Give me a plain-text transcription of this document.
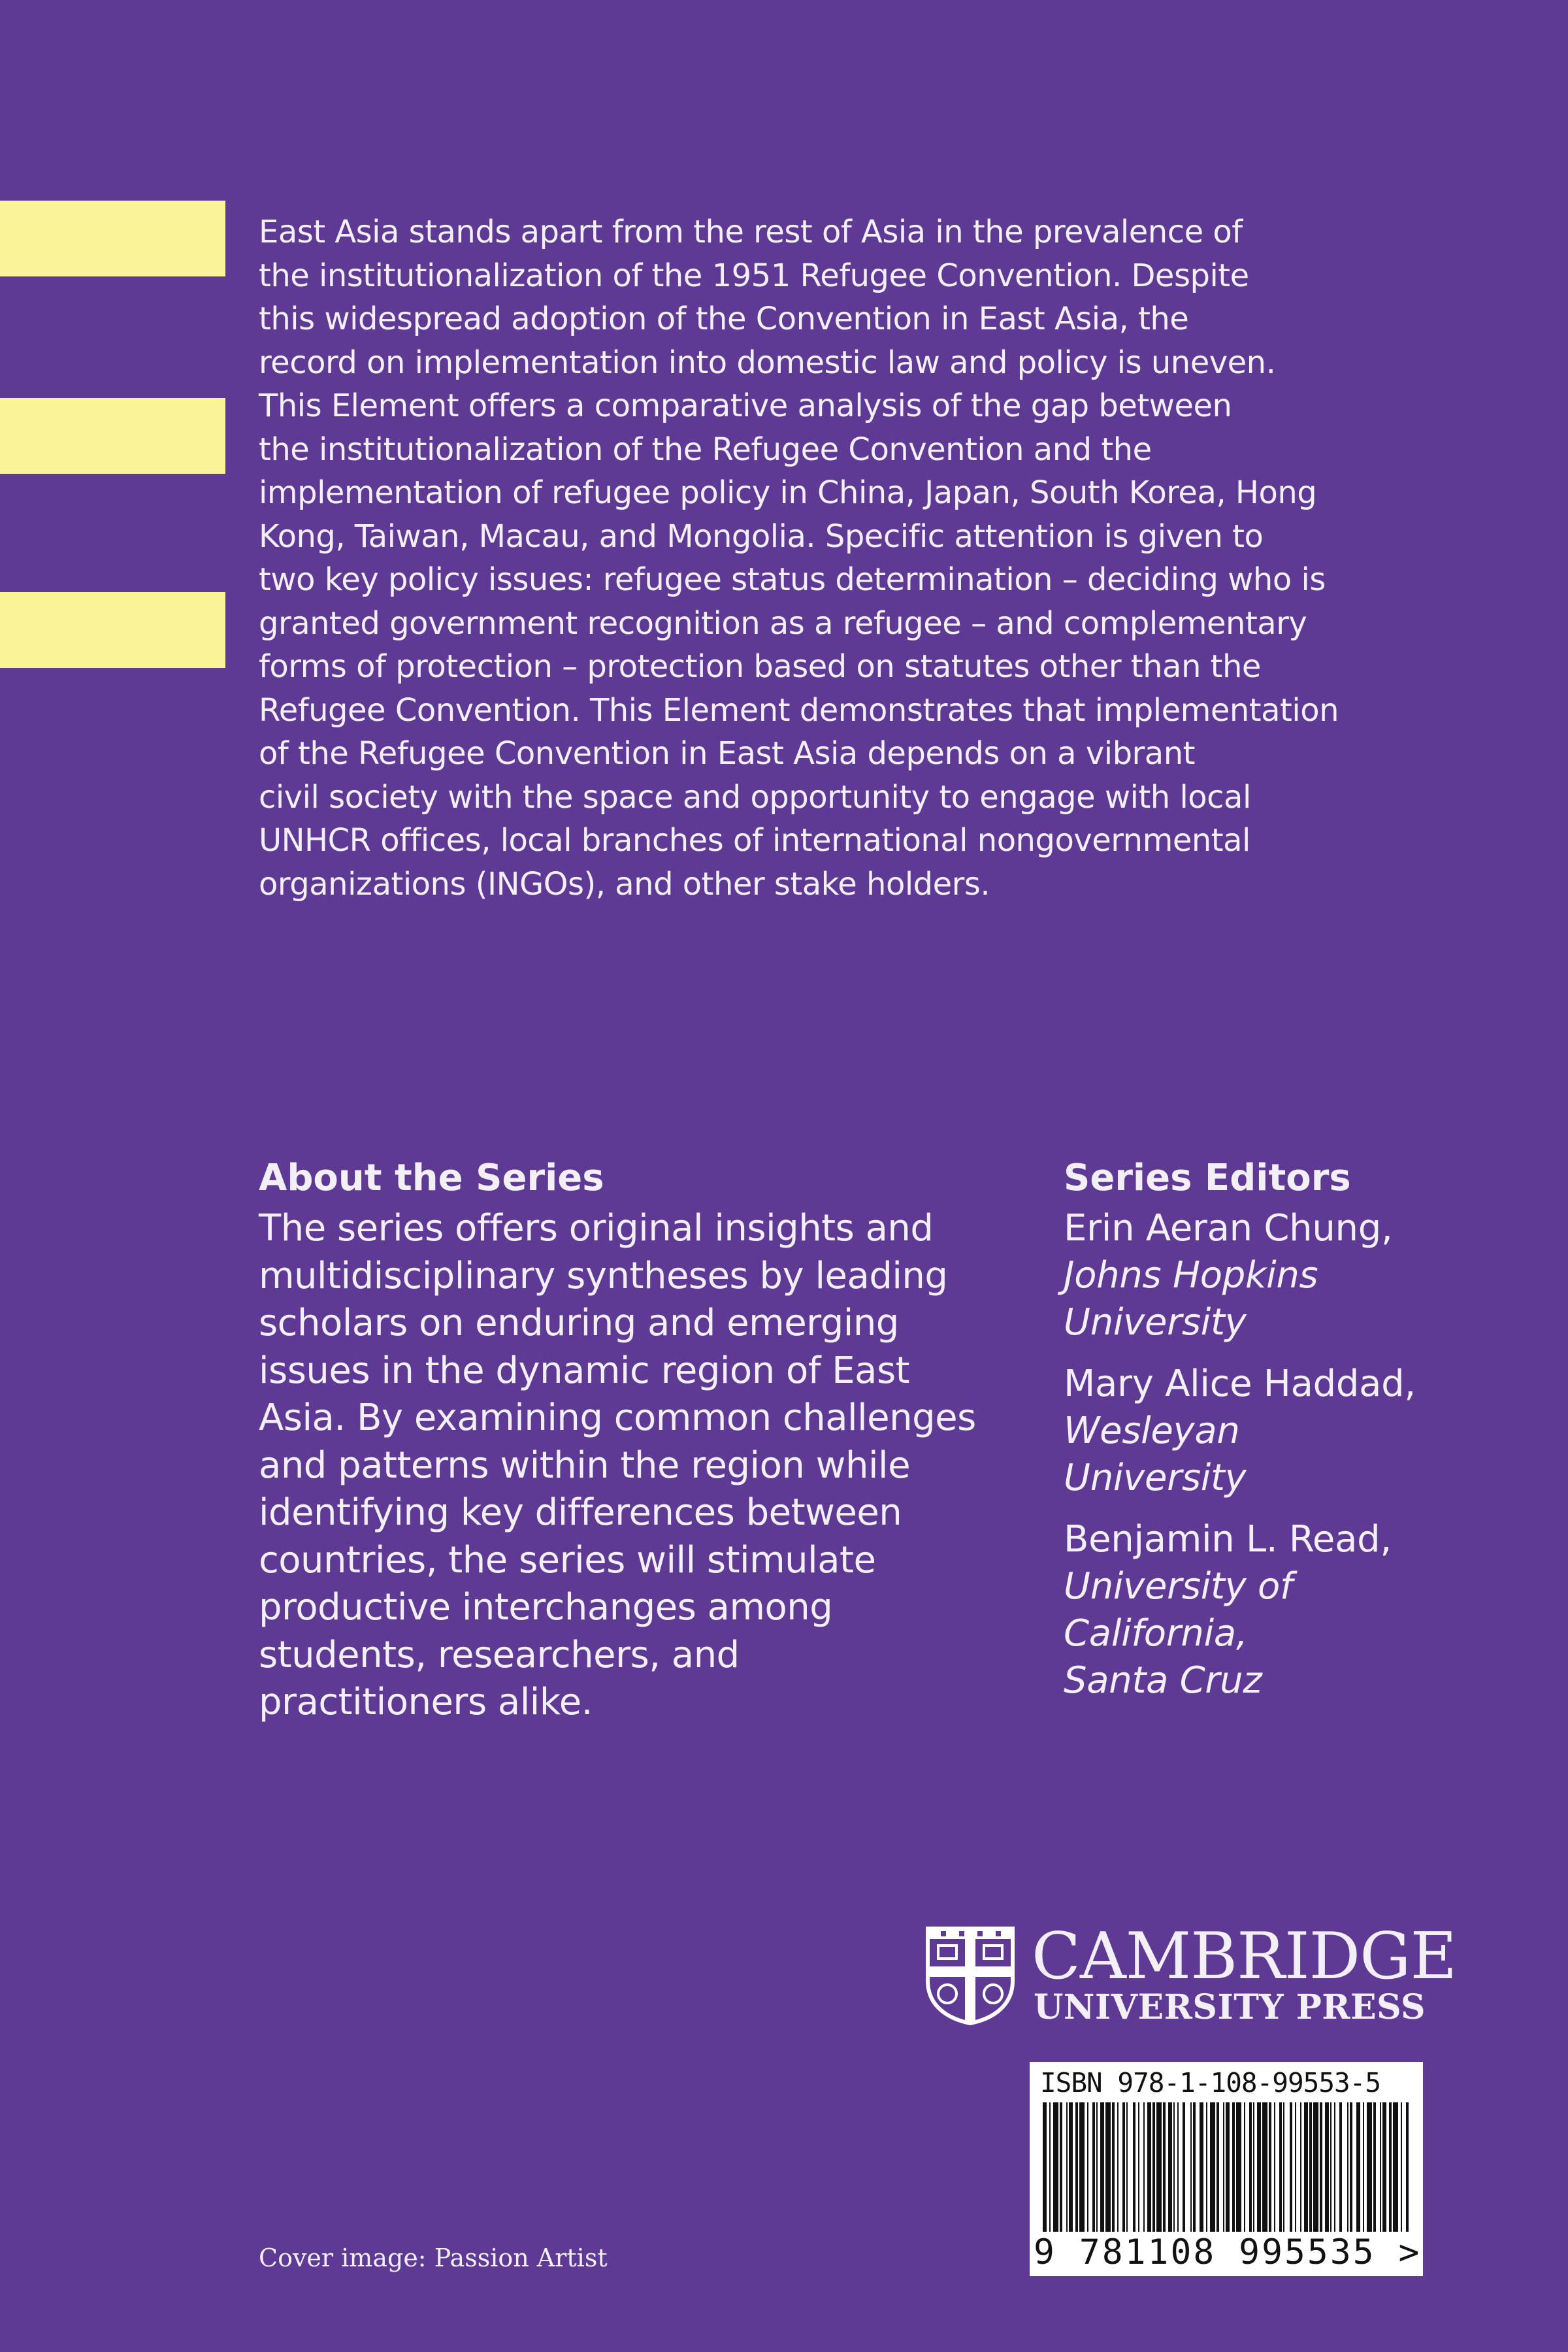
East Asia stands apart from the rest of Asia in the prevalence of
the institutionalization of the 1951 Refugee Convention. Despite
this widespread adoption of the Convention in East Asia, the
record on implementation into domestic law and policy is uneven.
This Element offers a comparative analysis of the gap between
the institutionalization of the Refugee Convention and the
implementation of refugee policy in China, Japan, South Korea, Hong
Kong, Taiwan, Macau, and Mongolia. Specific attention is given to
two key policy issues: refugee status determination – deciding who is
granted government recognition as a refugee – and complementary
forms of protection – protection based on statutes other than the
Refugee Convention. This Element demonstrates that implementation
of the Refugee Convention in East Asia depends on a vibrant
civil society with the space and opportunity to engage with local
UNHCR offices, local branches of international nongovernmental
organizations (INGOs), and other stake holders.
About the Series
The series offers original insights and
multidisciplinary syntheses by leading
scholars on enduring and emerging
issues in the dynamic region of East
Asia. By examining common challenges
and patterns within the region while
identifying key differences between
countries, the series will stimulate
productive interchanges among
students, researchers, and
practitioners alike.
Series Editors
Erin Aeran Chung,
Johns Hopkins
University
Mary Alice Haddad,
Wesleyan
University
Benjamin L. Read,
University of
California,
Santa Cruz

CAMBRIDGE

UNIVERSITY PRESS

ISBN 978-1-108-99553-5

9 781108 995535 >

Cover image: Passion Artist
